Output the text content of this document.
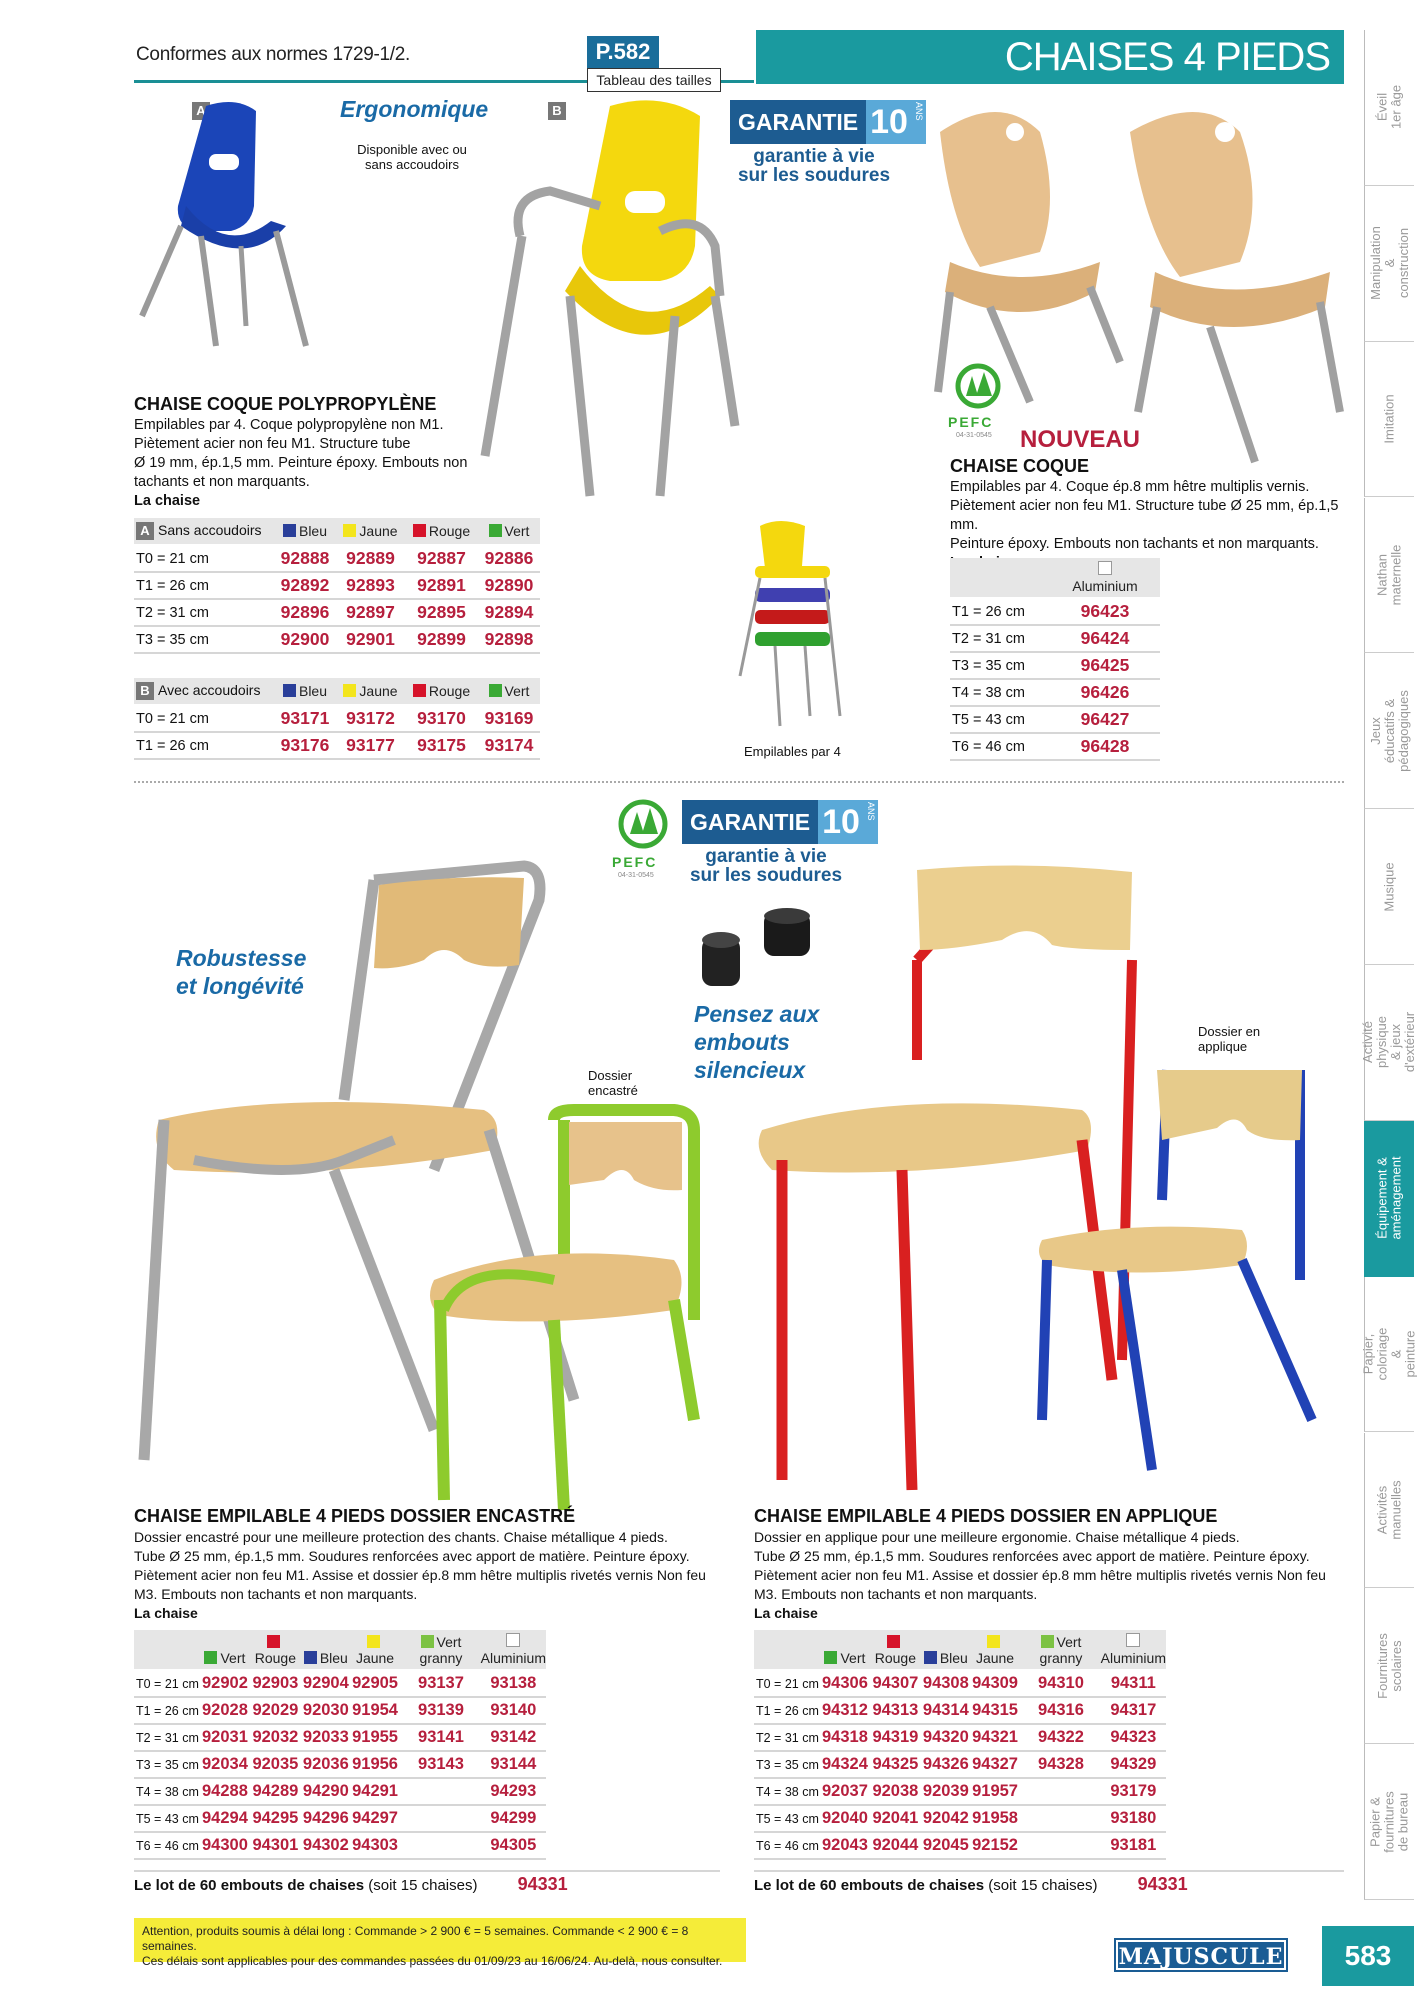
Conformes aux normes 1729-1/2.	P.582
Tableau des tailles
CHAISES 4 PIEDS
Éveil 1er âge
Manipulation & construction
Imitation
Nathan maternelle
Jeux éducatifs & pédagogiques
Musique
Activité physique & jeux d'extérieur
Équipement & aménagement
Papier, coloriage & peinture
Activités manuelles
Fournitures scolaires
Papier & fournitures de bureau
A	Ergonomique
Disponible avec ou sans accoudoirs
B	GARANTIE 10 ANS
garantie à vie
sur les soudures
PEFC
04-31-0545 NOUVEAU
CHAISE COQUE POLYPROPYLÈNE
Empilables par 4. Coque polypropylène non M1.
Piètement acier non feu M1. Structure tube
Ø 19 mm, ép.1,5 mm. Peinture époxy. Embouts non
tachants et non marquants.
La chaise
A Sans accoudoirs	Bleu	Jaune	Rouge	Vert
T0 = 21 cm	92888	92889	92887	92886
T1 = 26 cm	92892	92893	92891	92890
T2 = 31 cm	92896	92897	92895	92894
T3 = 35 cm	92900	92901	92899	92898
B Avec accoudoirs	Bleu	Jaune	Rouge	Vert
T0 = 21 cm	93171	93172	93170	93169
T1 = 26 cm	93176	93177	93175	93174	Empilables par 4
CHAISE COQUE
Empilables par 4. Coque ép.8 mm hêtre multiplis vernis.
Piètement acier non feu M1. Structure tube Ø 25 mm, ép.1,5 mm.
Peinture époxy. Embouts non tachants et non marquants.

Aluminium
T1 = 26 cm	96423
T2 = 31 cm	96424
T3 = 35 cm	96425
T4 = 38 cm	96426
T5 = 43 cm	96427
T6 = 46 cm	96428
PEFC
04-31-0545
GARANTIE 10 ANS
garantie à vie
sur les soudures
Robustesse
et longévité
Pensez aux
embouts
silencieux
Dossier
encastré
Dossier en
applique
CHAISE EMPILABLE 4 PIEDS DOSSIER ENCASTRÉ
Dossier encastré pour une meilleure protection des chants. Chaise métallique 4 pieds.
Tube Ø 25 mm, ép.1,5 mm. Soudures renforcées avec apport de matière. Peinture époxy.
Piètement acier non feu M1. Assise et dossier ép.8 mm hêtre multiplis rivetés vernis Non feu
M3. Embouts non tachants et non marquants.
La chaise
	Vert	Rouge	Bleu	Jaune	Vert granny	Aluminium
T0 = 21 cm	92902	92903	92904	92905	93137	93138
T1 = 26 cm	92028	92029	92030	91954	93139	93140
T2 = 31 cm	92031	92032	92033	91955	93141	93142
T3 = 35 cm	92034	92035	92036	91956	93143	93144
T4 = 38 cm	94288	94289	94290	94291		94293
T5 = 43 cm	94294	94295	94296	94297		94299
T6 = 46 cm	94300	94301	94302	94303		94305
Le lot de 60 embouts de chaises (soit 15 chaises) 94331
CHAISE EMPILABLE 4 PIEDS DOSSIER EN APPLIQUE
Dossier en applique pour une meilleure ergonomie. Chaise métallique 4 pieds.
Tube Ø 25 mm, ép.1,5 mm. Soudures renforcées avec apport de matière. Peinture époxy.
Piètement acier non feu M1. Assise et dossier ép.8 mm hêtre multiplis rivetés vernis Non feu
M3. Embouts non tachants et non marquants.
La chaise
	Vert	Rouge	Bleu	Jaune	Vert granny	Aluminium
T0 = 21 cm	94306	94307	94308	94309	94310	94311
T1 = 26 cm	94312	94313	94314	94315	94316	94317
T2 = 31 cm	94318	94319	94320	94321	94322	94323
T3 = 35 cm	94324	94325	94326	94327	94328	94329
T4 = 38 cm	92037	92038	92039	91957		93179
T5 = 43 cm	92040	92041	92042	91958		93180
T6 = 46 cm	92043	92044	92045	92152		93181
Le lot de 60 embouts de chaises (soit 15 chaises) 94331
Attention, produits soumis à délai long : Commande > 2 900 € = 5 semaines. Commande < 2 900 € = 8 semaines.
Ces délais sont applicables pour des commandes passées du 01/09/23 au 16/06/24. Au-delà, nous consulter.	MAJUSCULE	583
